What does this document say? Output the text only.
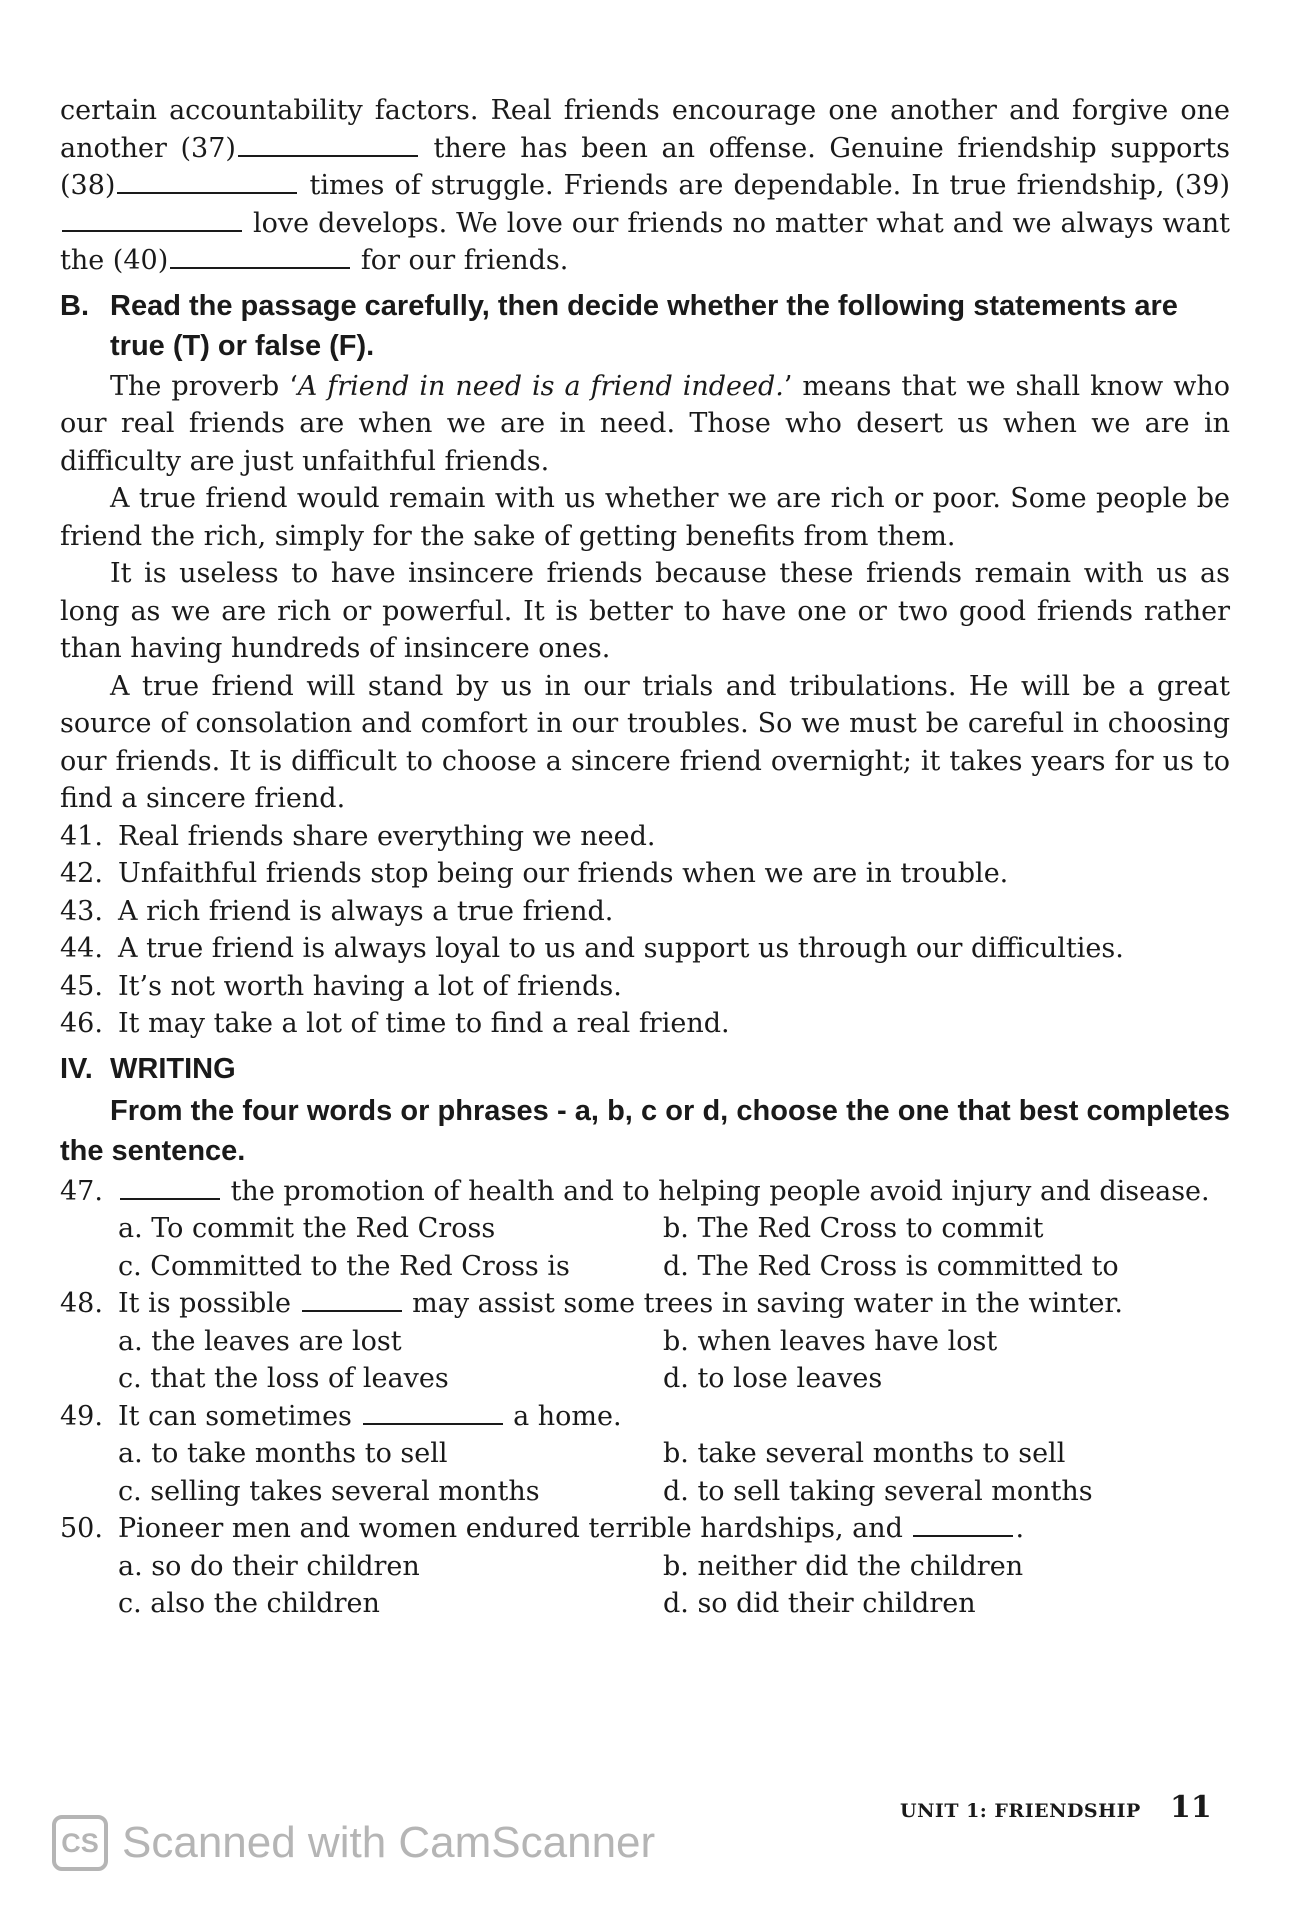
certain accountability factors. Real friends encourage one another and forgive one another (37)	there has been an offense. Genuine friendship supports (38)	times of struggle. Friends are dependable. In true friendship, (39) love develops. We love our friends no matter what and we always want the (40)	for our friends.

B. Read the passage carefully, then decide whether the following statements are true (T) or false (F).

The proverb ‘A friend in need is a friend indeed.’ means that we shall know who our real friends are when we are in need. Those who desert us when we are in difficulty are just unfaithful friends.

A true friend would remain with us whether we are rich or poor. Some people be friend the rich, simply for the sake of getting benefits from them.

It is useless to have insincere friends because these friends remain with us as long as we are rich or powerful. It is better to have one or two good friends rather than having hundreds of insincere ones.

A true friend will stand by us in our trials and tribulations. He will be a great source of consolation and comfort in our troubles. So we must be careful in choosing our friends. It is difficult to choose a sincere friend overnight; it takes years for us to find a sincere friend.

41. Real friends share everything we need.
42. Unfaithful friends stop being our friends when we are in trouble.
43. A rich friend is always a true friend.
44. A true friend is always loyal to us and support us through our difficulties.
45. It’s not worth having a lot of friends.
46. It may take a lot of time to find a real friend.
IV. WRITING
From the four words or phrases - a, b, c or d, choose the one that best completes the sentence.
47.	the promotion of health and to helping people avoid injury and disease.
a. To commit the Red Cross	b. The Red Cross to commit
c. Committed to the Red Cross is	d. The Red Cross is committed to
48. It is possible	may assist some trees in saving water in the winter.
a. the leaves are lost	b. when leaves have lost
c. that the loss of leaves	d. to lose leaves
49. It can sometimes	a home.
a. to take months to sell	b. take several months to sell
c. selling takes several months	d. to sell taking several months
50. Pioneer men and women endured terrible hardships, and	.
a. so do their children	b. neither did the children
c. also the children	d. so did their children
UNIT 1: FRIENDSHIP 11
CS Scanned with CamScanner
